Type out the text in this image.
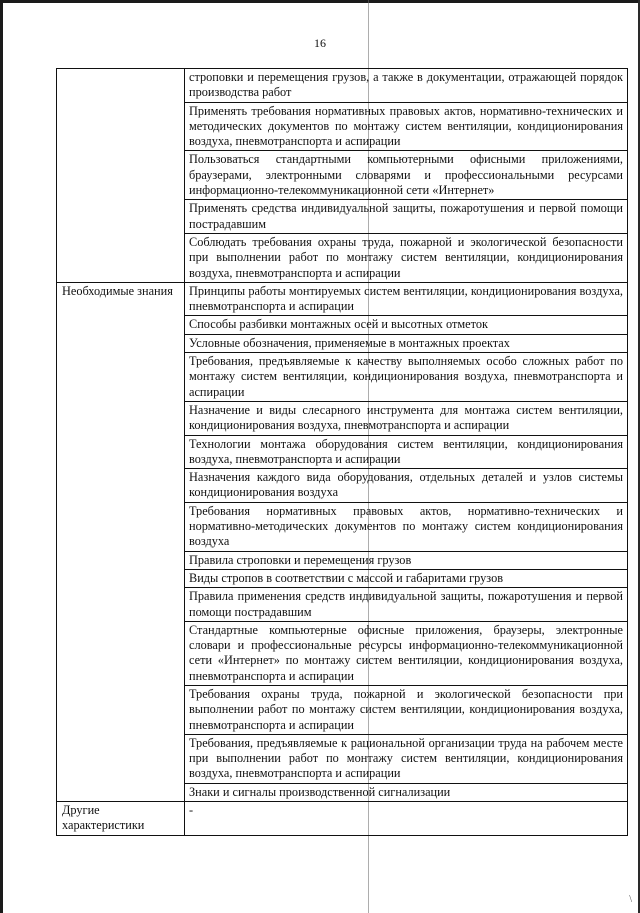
16
	строповки и перемещения грузов, а также в документации, отражающей порядок производства работ
	Применять требования нормативных правовых актов, нормативно-технических и методических документов по монтажу систем вентиляции, кондиционирования воздуха, пневмотранспорта и аспирации
	Пользоваться стандартными компьютерными офисными приложениями, браузерами, электронными словарями и профессиональными ресурсами информационно-телекоммуникационной сети «Интернет»
	Применять средства индивидуальной защиты, пожаротушения и первой помощи пострадавшим
	Соблюдать требования охраны труда, пожарной и экологической безопасности при выполнении работ по монтажу систем вентиляции, кондиционирования воздуха, пневмотранспорта и аспирации
Необходимые знания	Принципы работы монтируемых систем вентиляции, кондиционирования воздуха, пневмотранспорта и аспирации
	Способы разбивки монтажных осей и высотных отметок
	Условные обозначения, применяемые в монтажных проектах
	Требования, предъявляемые к качеству выполняемых особо сложных работ по монтажу систем вентиляции, кондиционирования воздуха, пневмотранспорта и аспирации
	Назначение и виды слесарного инструмента для монтажа систем вентиляции, кондиционирования воздуха, пневмотранспорта и аспирации
	Технологии монтажа оборудования систем вентиляции, кондиционирования воздуха, пневмотранспорта и аспирации
	Назначения каждого вида оборудования, отдельных деталей и узлов системы кондиционирования воздуха
	Требования нормативных правовых актов, нормативно-технических и нормативно-методических документов по монтажу систем кондиционирования воздуха
	Правила строповки и перемещения грузов
	Виды стропов в соответствии с массой и габаритами грузов
	Правила применения средств индивидуальной защиты, пожаротушения и первой помощи пострадавшим
	Стандартные компьютерные офисные приложения, браузеры, электронные словари и профессиональные ресурсы информационно-телекоммуникационной сети «Интернет» по монтажу систем вентиляции, кондиционирования воздуха, пневмотранспорта и аспирации
	Требования охраны труда, пожарной и экологической безопасности при выполнении работ по монтажу систем вентиляции, кондиционирования воздуха, пневмотранспорта и аспирации
	Требования, предъявляемые к рациональной организации труда на рабочем месте при выполнении работ по монтажу систем вентиляции, кондиционирования воздуха, пневмотранспорта и аспирации
	Знаки и сигналы производственной сигнализации
Другие характеристики	-
\
